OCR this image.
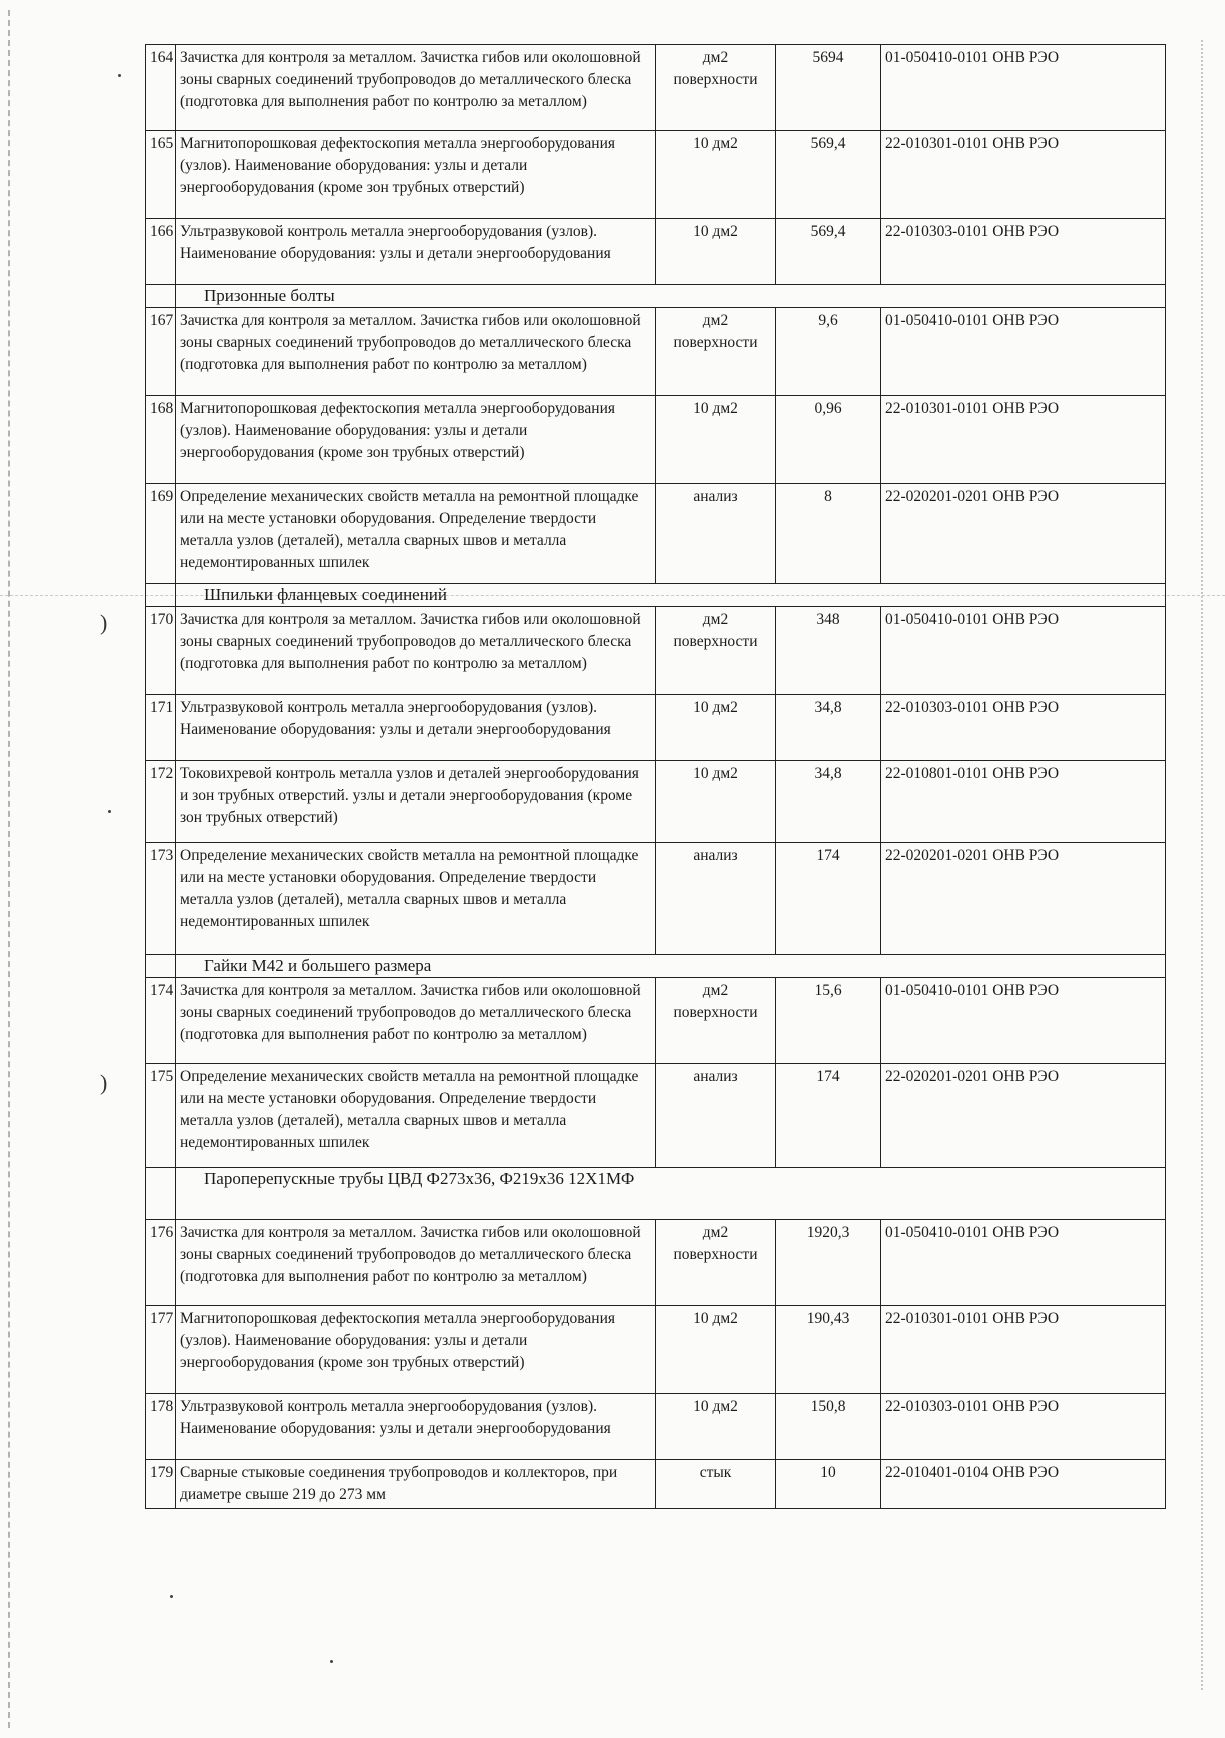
)
)
164	Зачистка для контроля за металлом. Зачистка гибов или околошовной зоны сварных соединений трубопроводов до металлического блеска (подготовка для выполнения работ по контролю за металлом)	дм2 поверхности	5694	01-050410-0101 ОНВ РЭО
165	Магнитопорошковая дефектоскопия металла энергооборудования (узлов). Наименование оборудования: узлы и детали энергооборудования (кроме зон трубных отверстий)	10 дм2	569,4	22-010301-0101 ОНВ РЭО
166	Ультразвуковой контроль металла энергооборудования (узлов). Наименование оборудования: узлы и детали энергооборудования	10 дм2	569,4	22-010303-0101 ОНВ РЭО
	Призонные болты			
167	Зачистка для контроля за металлом. Зачистка гибов или околошовной зоны сварных соединений трубопроводов до металлического блеска (подготовка для выполнения работ по контролю за металлом)	дм2 поверхности	9,6	01-050410-0101 ОНВ РЭО
168	Магнитопорошковая дефектоскопия металла энергооборудования (узлов). Наименование оборудования: узлы и детали энергооборудования (кроме зон трубных отверстий)	10 дм2	0,96	22-010301-0101 ОНВ РЭО
169	Определение механических свойств металла на ремонтной площадке или на месте установки оборудования. Определение твердости металла узлов (деталей), металла сварных швов и металла недемонтированных шпилек	анализ	8	22-020201-0201 ОНВ РЭО
	Шпильки фланцевых соединений			
170	Зачистка для контроля за металлом. Зачистка гибов или околошовной зоны сварных соединений трубопроводов до металлического блеска (подготовка для выполнения работ по контролю за металлом)	дм2 поверхности	348	01-050410-0101 ОНВ РЭО
171	Ультразвуковой контроль металла энергооборудования (узлов). Наименование оборудования: узлы и детали энергооборудования	10 дм2	34,8	22-010303-0101 ОНВ РЭО
172	Токовихревой контроль металла узлов и деталей энергооборудования и зон трубных отверстий. узлы и детали энергооборудования (кроме зон трубных отверстий)	10 дм2	34,8	22-010801-0101 ОНВ РЭО
173	Определение механических свойств металла на ремонтной площадке или на месте установки оборудования. Определение твердости металла узлов (деталей), металла сварных швов и металла недемонтированных шпилек	анализ	174	22-020201-0201 ОНВ РЭО
	Гайки М42 и большего размера			
174	Зачистка для контроля за металлом. Зачистка гибов или околошовной зоны сварных соединений трубопроводов до металлического блеска (подготовка для выполнения работ по контролю за металлом)	дм2 поверхности	15,6	01-050410-0101 ОНВ РЭО
175	Определение механических свойств металла на ремонтной площадке или на месте установки оборудования. Определение твердости металла узлов (деталей), металла сварных швов и металла недемонтированных шпилек	анализ	174	22-020201-0201 ОНВ РЭО
	Пароперепускные трубы ЦВД Ф273х36, Ф219х36 12Х1МФ			
176	Зачистка для контроля за металлом. Зачистка гибов или околошовной зоны сварных соединений трубопроводов до металлического блеска (подготовка для выполнения работ по контролю за металлом)	дм2 поверхности	1920,3	01-050410-0101 ОНВ РЭО
177	Магнитопорошковая дефектоскопия металла энергооборудования (узлов). Наименование оборудования: узлы и детали энергооборудования (кроме зон трубных отверстий)	10 дм2	190,43	22-010301-0101 ОНВ РЭО
178	Ультразвуковой контроль металла энергооборудования (узлов). Наименование оборудования: узлы и детали энергооборудования	10 дм2	150,8	22-010303-0101 ОНВ РЭО
179	Сварные стыковые соединения трубопроводов и коллекторов, при диаметре свыше 219 до 273 мм	стык	10	22-010401-0104 ОНВ РЭО
